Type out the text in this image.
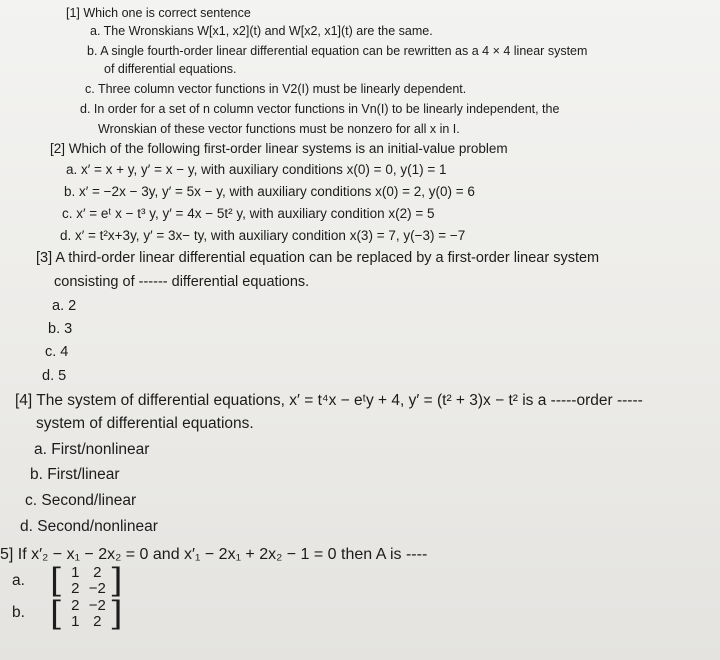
[1] Which one is correct sentence
a. The Wronskians W[x1, x2](t) and W[x2, x1](t) are the same.
b. A single fourth-order linear differential equation can be rewritten as a 4 × 4 linear system
of differential equations.
c. Three column vector functions in V2(I) must be linearly dependent.
d. In order for a set of n column vector functions in Vn(I) to be linearly independent, the
Wronskian of these vector functions must be nonzero for all x in I.
[2] Which of the following first-order linear systems is an initial-value problem
a. x′ = x + y, y′ = x − y, with auxiliary conditions x(0) = 0, y(1) = 1
b. x′ = −2x − 3y, y′ = 5x − y, with auxiliary conditions x(0) = 2, y(0) = 6
c. x′ = eᵗ x − t³ y, y′ = 4x − 5t² y, with auxiliary condition x(2) = 5
d. x′ = t²x+3y, y′ = 3x− ty, with auxiliary condition x(3) = 7, y(−3) = −7
[3] A third-order linear differential equation can be replaced by a first-order linear system
consisting of ------ differential equations.
a. 2
b. 3
c. 4
d. 5
[4] The system of differential equations, x′ = t⁴x − eᵗy + 4, y′ = (t² + 3)x − t² is a -----order -----
system of differential equations.
a. First/nonlinear
b. First/linear
c. Second/linear
d. Second/nonlinear
5] If x′₂ − x₁ − 2x₂ = 0 and x′₁ − 2x₁ + 2x₂ − 1 = 0 then A is ----
a. [ 1 2
2 −2 ]
b. [ 2 −2
1 2 ]
